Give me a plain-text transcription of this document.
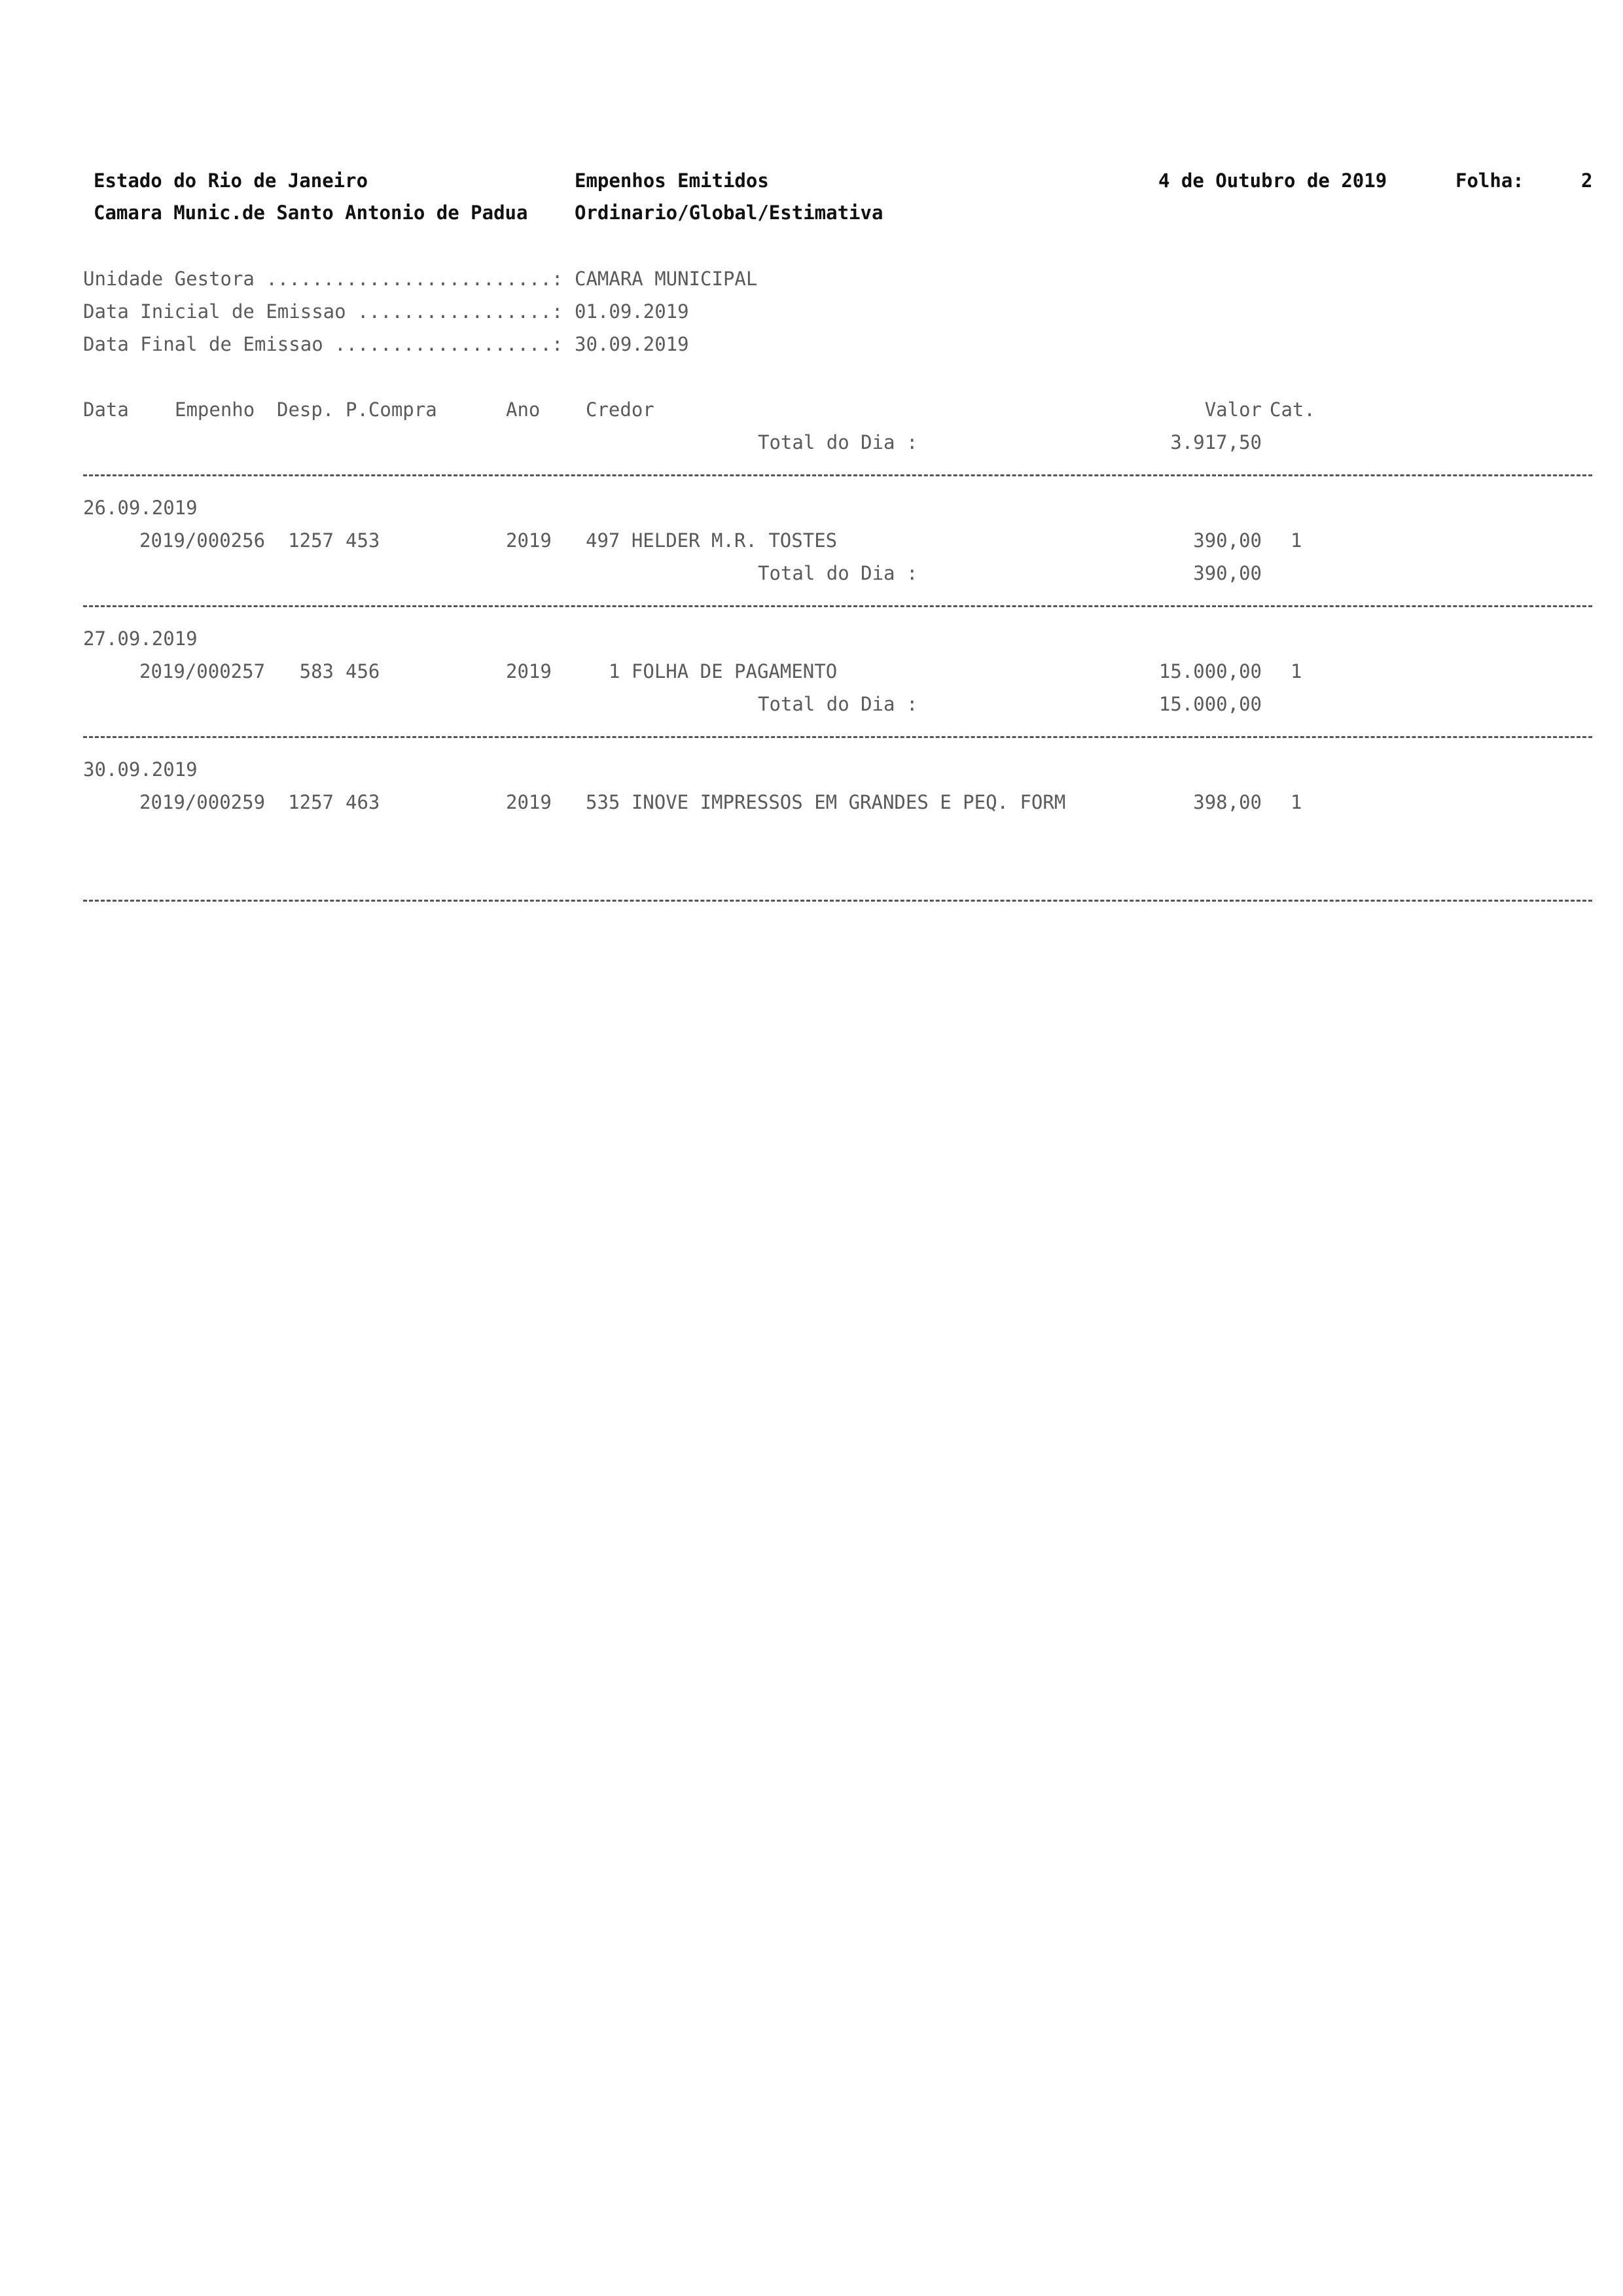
Estado do Rio de Janeiro
Camara Munic.de Santo Antonio de Padua
Empenhos Emitidos
Ordinario/Global/Estimativa
4 de Outubro de 2019	Folha:	2
Unidade Gestora .........................: CAMARA MUNICIPAL
Data Inicial de Emissao .................: 01.09.2019
Data Final de Emissao ...................: 30.09.2019
Data Empenho Desp. P.Compra	Ano Credor	Valor Cat.
Total do Dia :	3.917,50
26.09.2019
2019/000256	1257 453	2019 497 HELDER M.R. TOSTES	390,00 1
Total do Dia :	390,00
27.09.2019
2019/000257	583 456	2019	1 FOLHA DE PAGAMENTO	15.000,00 1
Total do Dia :	15.000,00
30.09.2019
2019/000259	1257 463	2019 535 INOVE IMPRESSOS EM GRANDES E PEQ. FORM	398,00 1
